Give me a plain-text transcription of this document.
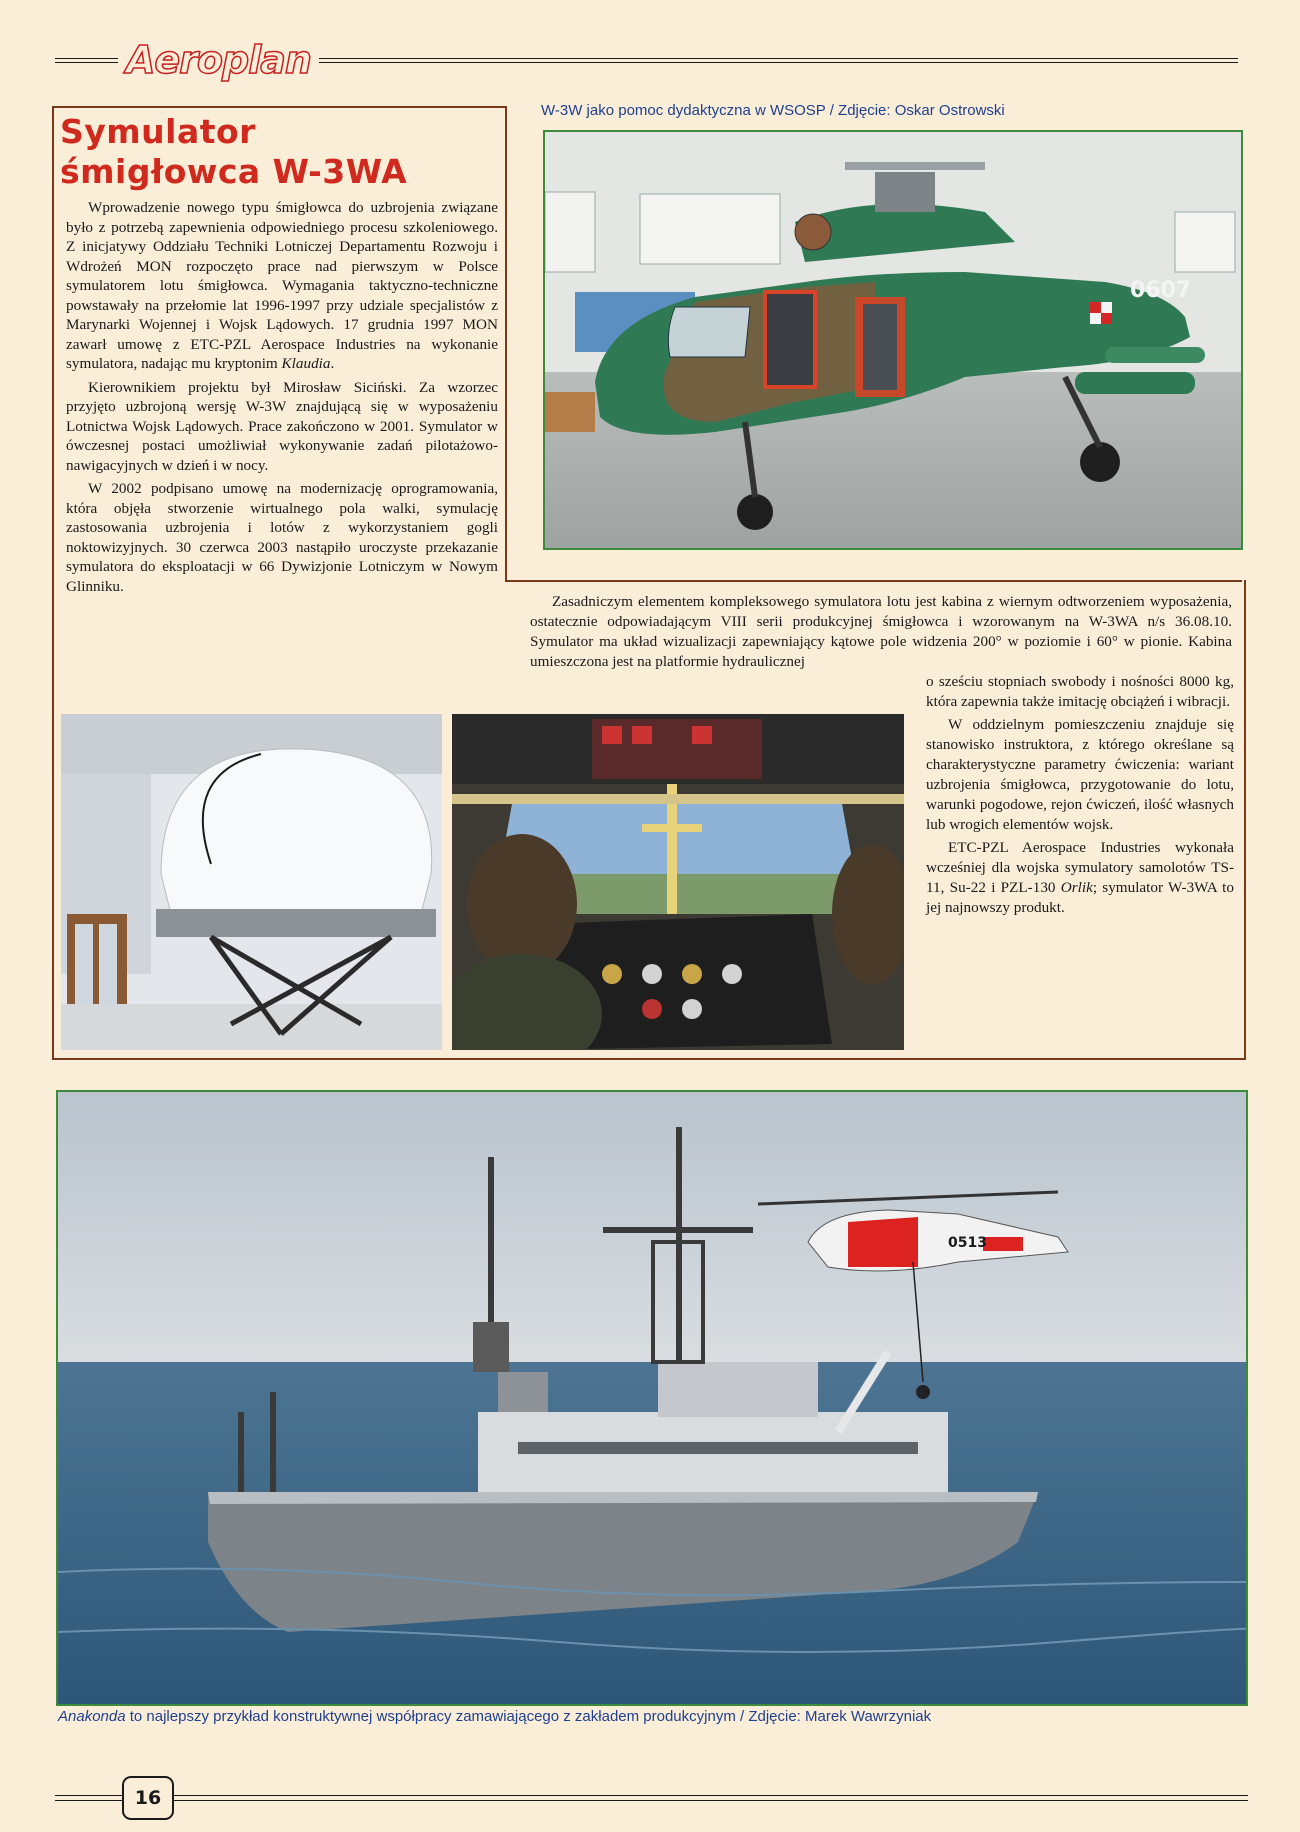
Aeroplan
Symulator
śmigłowca W-3WA

Wprowadzenie nowego typu śmigłowca do uzbrojenia związane było z potrzebą zapewnienia odpowiedniego procesu szkoleniowego. Z inicjatywy Oddziału Techniki Lotniczej Departamentu Rozwoju i Wdrożeń MON rozpoczęto prace nad pierwszym w Polsce symulatorem lotu śmigłowca. Wymagania taktyczno-techniczne powstawały na przełomie lat 1996-1997 przy udziale specjalistów z Marynarki Wojennej i Wojsk Lądowych. 17 grudnia 1997 MON zawarł umowę z ETC-PZL Aerospace Industries na wykonanie symulatora, nadając mu kryptonim Klaudia.

Kierownikiem projektu był Mirosław Siciński. Za wzorzec przyjęto uzbrojoną wersję W-3W znajdującą się w wyposażeniu Lotnictwa Wojsk Lądowych. Prace zakończono w 2001. Symulator w ówczesnej postaci umożliwiał wykonywanie zadań pilotażowo-nawigacyjnych w dzień i w nocy.

W 2002 podpisano umowę na modernizację oprogramowania, która objęła stworzenie wirtualnego pola walki, symulację zastosowania uzbrojenia i lotów z wykorzystaniem gogli noktowizyjnych. 30 czerwca 2003 nastąpiło uroczyste przekazanie symulatora do eksploatacji w 66 Dywizjonie Lotniczym w Nowym Glinniku.

W-3W jako pomoc dydaktyczna w WSOSP / Zdjęcie: Oskar Ostrowski
0607
Zasadniczym elementem kompleksowego symulatora lotu jest kabina z wiernym odtworzeniem wyposażenia, ostatecznie odpowiadającym VIII serii produkcyjnej śmigłowca i wzorowanym na W-3WA n/s 36.08.10. Symulator ma układ wizualizacji zapewniający kątowe pole widzenia 200° w poziomie i 60° w pionie. Kabina umieszczona jest na platformie hydraulicznej

o sześciu stopniach swobody i nośności 8000 kg, która zapewnia także imitację obciążeń i wibracji.

W oddzielnym pomieszczeniu znajduje się stanowisko instruktora, z którego określane są charakterystyczne parametry ćwiczenia: wariant uzbrojenia śmigłowca, przygotowanie do lotu, warunki pogodowe, rejon ćwiczeń, ilość własnych lub wrogich elementów wojsk.

ETC-PZL Aerospace Industries wykonała wcześniej dla wojska symulatory samolotów TS-11, Su-22 i PZL-130 Orlik; symulator W-3WA to jej najnowszy produkt.

0513
Anakonda to najlepszy przykład konstruktywnej współpracy zamawiającego z zakładem produkcyjnym / Zdjęcie: Marek Wawrzyniak
16
